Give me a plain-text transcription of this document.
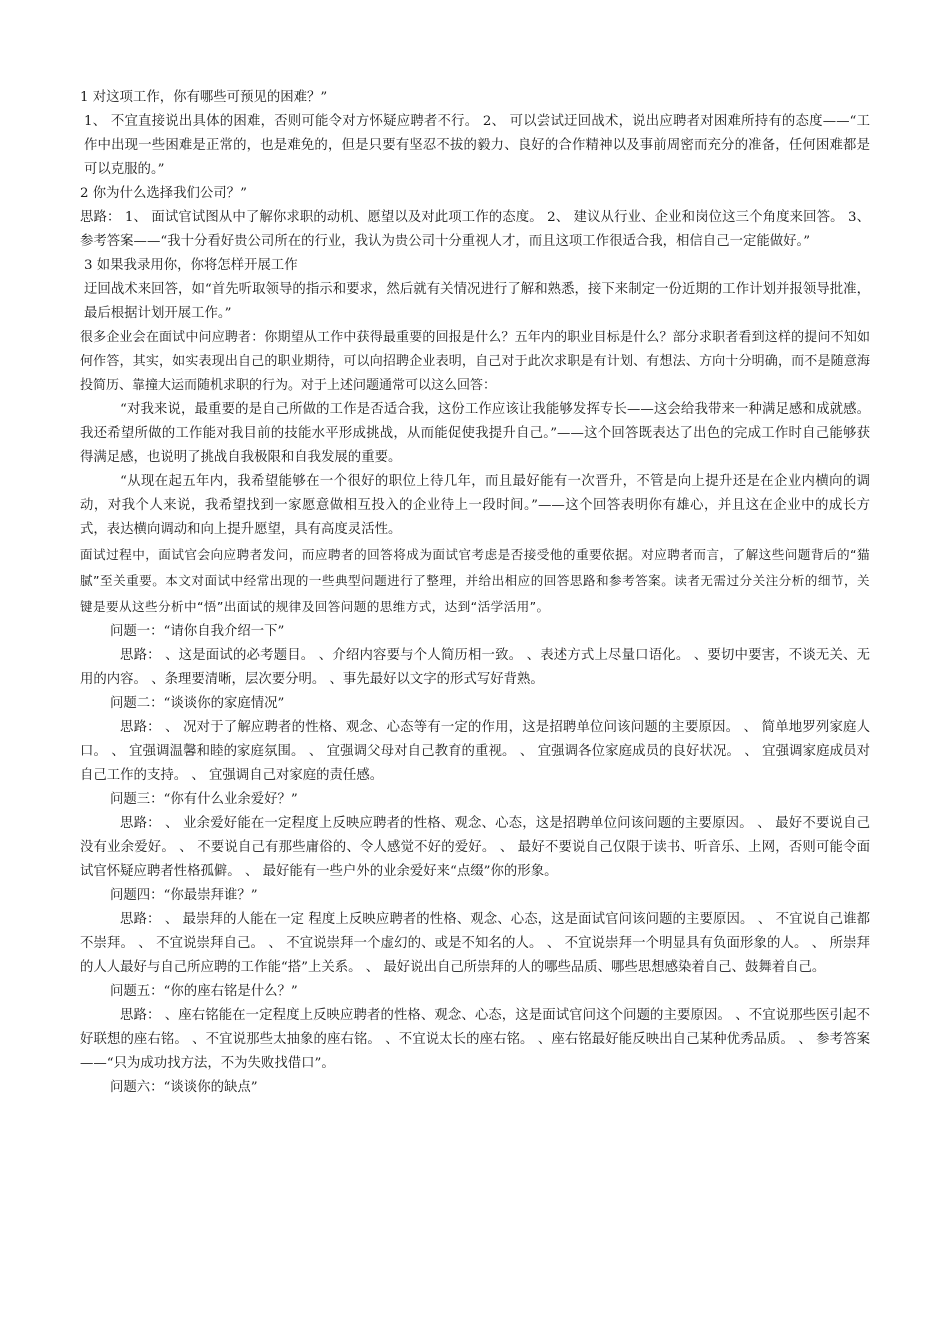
1 对这项工作，你有哪些可预见的困难？”

1、 不宜直接说出具体的困难，否则可能令对方怀疑应聘者不行。 2、 可以尝试迂回战术，说出应聘者对困难所持有的态度——“工作中出现一些困难是正常的，也是难免的，但是只要有坚忍不拔的毅力、良好的合作精神以及事前周密而充分的准备，任何困难都是可以克服的。”

2 你为什么选择我们公司？”

思路： 1、 面试官试图从中了解你求职的动机、愿望以及对此项工作的态度。 2、 建议从行业、企业和岗位这三个角度来回答。 3、 参考答案——“我十分看好贵公司所在的行业，我认为贵公司十分重视人才，而且这项工作很适合我，相信自己一定能做好。”

3 如果我录用你，你将怎样开展工作

迂回战术来回答，如“首先听取领导的指示和要求，然后就有关情况进行了解和熟悉，接下来制定一份近期的工作计划并报领导批准，最后根据计划开展工作。”

很多企业会在面试中问应聘者：你期望从工作中获得最重要的回报是什么？五年内的职业目标是什么？部分求职者看到这样的提问不知如何作答，其实，如实表现出自己的职业期待，可以向招聘企业表明，自己对于此次求职是有计划、有想法、方向十分明确，而不是随意海投简历、靠撞大运而随机求职的行为。对于上述问题通常可以这么回答：

“对我来说，最重要的是自己所做的工作是否适合我，这份工作应该让我能够发挥专长——这会给我带来一种满足感和成就感。我还希望所做的工作能对我目前的技能水平形成挑战，从而能促使我提升自己。”——这个回答既表达了出色的完成工作时自己能够获得满足感，也说明了挑战自我极限和自我发展的重要。

“从现在起五年内，我希望能够在一个很好的职位上待几年，而且最好能有一次晋升，不管是向上提升还是在企业内横向的调动，对我个人来说，我希望找到一家愿意做相互投入的企业待上一段时间。”——这个回答表明你有雄心，并且这在企业中的成长方式，表达横向调动和向上提升愿望，具有高度灵活性。

面试过程中，面试官会向应聘者发问，而应聘者的回答将成为面试官考虑是否接受他的重要依据。对应聘者而言，了解这些问题背后的“猫腻”至关重要。本文对面试中经常出现的一些典型问题进行了整理，并给出相应的回答思路和参考答案。读者无需过分关注分析的细节，关键是要从这些分析中“悟”出面试的规律及回答问题的思维方式，达到“活学活用”。

问题一：“请你自我介绍一下”

思路： 、这是面试的必考题目。 、介绍内容要与个人简历相一致。 、表述方式上尽量口语化。 、要切中要害，不谈无关、无用的内容。 、条理要清晰，层次要分明。 、事先最好以文字的形式写好背熟。

问题二：“谈谈你的家庭情况”

思路： 、 况对于了解应聘者的性格、观念、心态等有一定的作用，这是招聘单位问该问题的主要原因。 、 简单地罗列家庭人口。 、 宜强调温馨和睦的家庭氛围。 、 宜强调父母对自己教育的重视。 、 宜强调各位家庭成员的良好状况。 、 宜强调家庭成员对自己工作的支持。 、 宜强调自己对家庭的责任感。

问题三：“你有什么业余爱好？”

思路： 、 业余爱好能在一定程度上反映应聘者的性格、观念、心态，这是招聘单位问该问题的主要原因。 、 最好不要说自己没有业余爱好。 、 不要说自己有那些庸俗的、令人感觉不好的爱好。 、 最好不要说自己仅限于读书、听音乐、上网，否则可能令面试官怀疑应聘者性格孤僻。 、 最好能有一些户外的业余爱好来“点缀”你的形象。

问题四：“你最崇拜谁？”

思路： 、 最崇拜的人能在一定 程度上反映应聘者的性格、观念、心态，这是面试官问该问题的主要原因。 、 不宜说自己谁都不崇拜。 、 不宜说崇拜自己。 、 不宜说崇拜一个虚幻的、或是不知名的人。 、 不宜说崇拜一个明显具有负面形象的人。 、 所崇拜的人人最好与自己所应聘的工作能“搭”上关系。 、 最好说出自己所崇拜的人的哪些品质、哪些思想感染着自己、鼓舞着自己。

问题五：“你的座右铭是什么？”

思路： 、座右铭能在一定程度上反映应聘者的性格、观念、心态，这是面试官问这个问题的主要原因。 、不宜说那些医引起不好联想的座右铭。 、不宜说那些太抽象的座右铭。 、不宜说太长的座右铭。 、座右铭最好能反映出自己某种优秀品质。 、 参考答案——“只为成功找方法，不为失败找借口”。

问题六：“谈谈你的缺点”
